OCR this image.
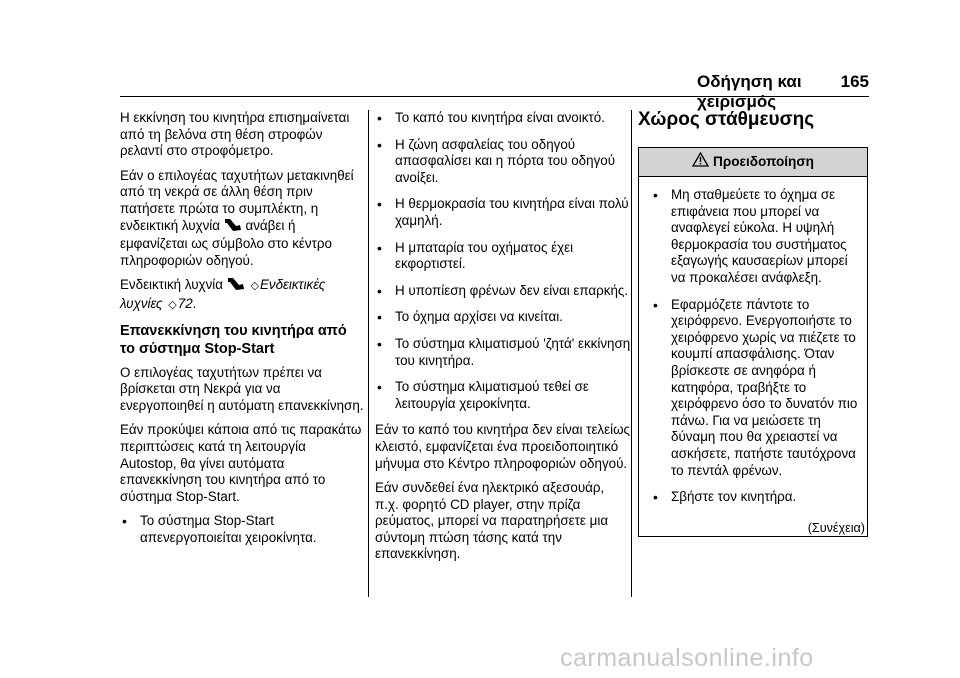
Οδήγηση και χειρισμός
165

Η εκκίνηση του κινητήρα επισημαίνεται από τη βελόνα στη θέση στροφών ρελαντί στο στροφόμετρο.

Εάν ο επιλογέας ταχυτήτων μετακινηθεί από τη νεκρά σε άλλη θέση πριν πατήσετε πρώτα το συμπλέκτη, η ενδεικτική λυχνία ανάβει ή εμφανίζεται ως σύμβολο στο κέντρο πληροφοριών οδηγού.

Ενδεικτική λυχνία ◇Ενδεικτικές λυχνίες ◇72.

Επανεκκίνηση του κινητήρα από το σύστημα Stop-Start

Ο επιλογέας ταχυτήτων πρέπει να βρίσκεται στη Νεκρά για να ενεργοποιηθεί η αυτόματη επανεκκίνηση.

Εάν προκύψει κάποια από τις παρακάτω περιπτώσεις κατά τη λειτουργία Autostop, θα γίνει αυτόματα επανεκκίνηση του κινητήρα από το σύστημα Stop-Start.

• Το σύστημα Stop-Start απενεργοποιείται χειροκίνητα.
• Το καπό του κινητήρα είναι ανοικτό.
• Η ζώνη ασφαλείας του οδηγού απασφαλίσει και η πόρτα του οδηγού ανοίξει.
• Η θερμοκρασία του κινητήρα είναι πολύ χαμηλή.
• Η μπαταρία του οχήματος έχει εκφορτιστεί.
• Η υποπίεση φρένων δεν είναι επαρκής.
• Το όχημα αρχίσει να κινείται.
• Το σύστημα κλιματισμού 'ζητά' εκκίνηση του κινητήρα.
• Το σύστημα κλιματισμού τεθεί σε λειτουργία χειροκίνητα.

Εάν το καπό του κινητήρα δεν είναι τελείως κλειστό, εμφανίζεται ένα προειδοποιητικό μήνυμα στο Κέντρο πληροφοριών οδηγού.

Εάν συνδεθεί ένα ηλεκτρικό αξεσουάρ, π.χ. φορητό CD player, στην πρίζα ρεύματος, μπορεί να παρατηρήσετε μια σύντομη πτώση τάσης κατά την επανεκκίνηση.

Χώρος στάθμευσης
Προειδοποίηση
• Μη σταθμεύετε το όχημα σε επιφάνεια που μπορεί να αναφλεγεί εύκολα. Η υψηλή θερμοκρασία του συστήματος εξαγωγής καυσαερίων μπορεί να προκαλέσει ανάφλεξη.
• Εφαρμόζετε πάντοτε το χειρόφρενο. Ενεργοποιήστε το χειρόφρενο χωρίς να πιέζετε το κουμπί απασφάλισης. Όταν βρίσκεστε σε ανηφόρα ή κατηφόρα, τραβήξτε το χειρόφρενο όσο το δυνατόν πιο πάνω. Για να μειώσετε τη δύναμη που θα χρειαστεί να ασκήσετε, πατήστε ταυτόχρονα το πεντάλ φρένων.
• Σβήστε τον κινητήρα.
(Συνέχεια)
carmanualsonline.info
